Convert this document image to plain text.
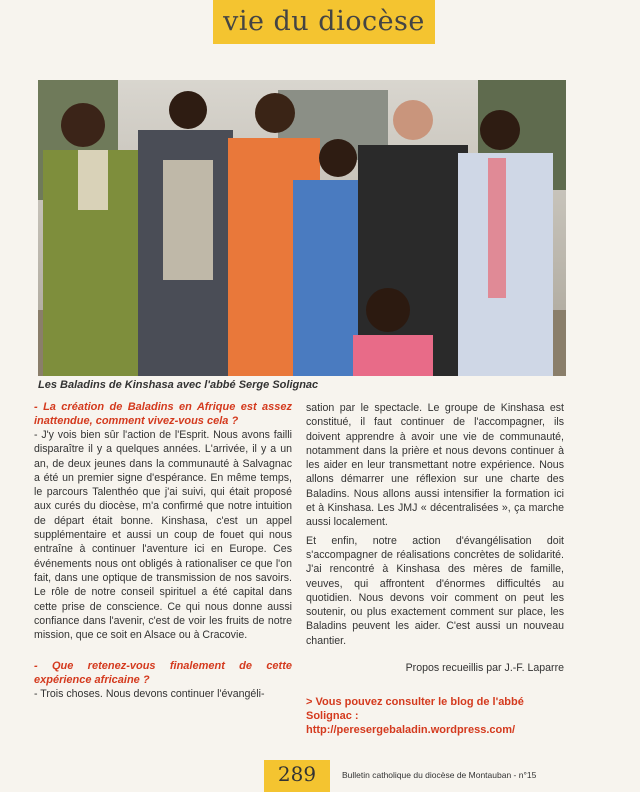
vie du diocèse
Les Baladins de Kinshasa avec l'abbé Serge Solignac

- La création de Baladins en Afrique est assez inattendue, comment vivez-vous cela ?

- J'y vois bien sûr l'action de l'Esprit. Nous avons failli disparaître il y a quelques années. L'arrivée, il y a un an, de deux jeunes dans la communauté à Salvagnac a été un premier signe d'espérance. En même temps, le parcours Talenthéo que j'ai suivi, qui était proposé aux curés du diocèse, m'a confirmé que notre intuition de départ était bonne. Kinshasa, c'est un appel supplémentaire et aussi un coup de fouet qui nous entraîne à continuer l'aventure ici en Europe. Ces événements nous ont obligés à rationaliser ce que l'on fait, dans une optique de transmission de nos savoirs. Le rôle de notre conseil spirituel a été capital dans cette prise de conscience. Ce qui nous donne aussi confiance dans l'avenir, c'est de voir les fruits de notre mission, que ce soit en Alsace ou à Cracovie.

- Que retenez-vous finalement de cette expérience africaine ?

- Trois choses. Nous devons continuer l'évangéli-

sation par le spectacle. Le groupe de Kinshasa est constitué, il faut continuer de l'accompagner, ils doivent apprendre à avoir une vie de communauté, notamment dans la prière et nous devons continuer à les aider en leur transmettant notre expérience. Nous allons démarrer une réflexion sur une charte des Baladins. Nous allons aussi intensifier la formation ici et à Kinshasa. Les JMJ « décentralisées », ça marche aussi localement.

Et enfin, notre action d'évangélisation doit s'accompagner de réalisations concrètes de solidarité. J'ai rencontré à Kinshasa des mères de famille, veuves, qui affrontent d'énormes difficultés au quotidien. Nous devons voir comment on peut les soutenir, ou plus exactement comment sur place, les Baladins peuvent les aider. C'est aussi un nouveau chantier.

Propos recueillis par J.-F. Laparre

> Vous pouvez consulter le blog de l'abbé Solignac : http://peresergebaladin.wordpress.com/

289	Bulletin catholique du diocèse de Montauban - n°15
